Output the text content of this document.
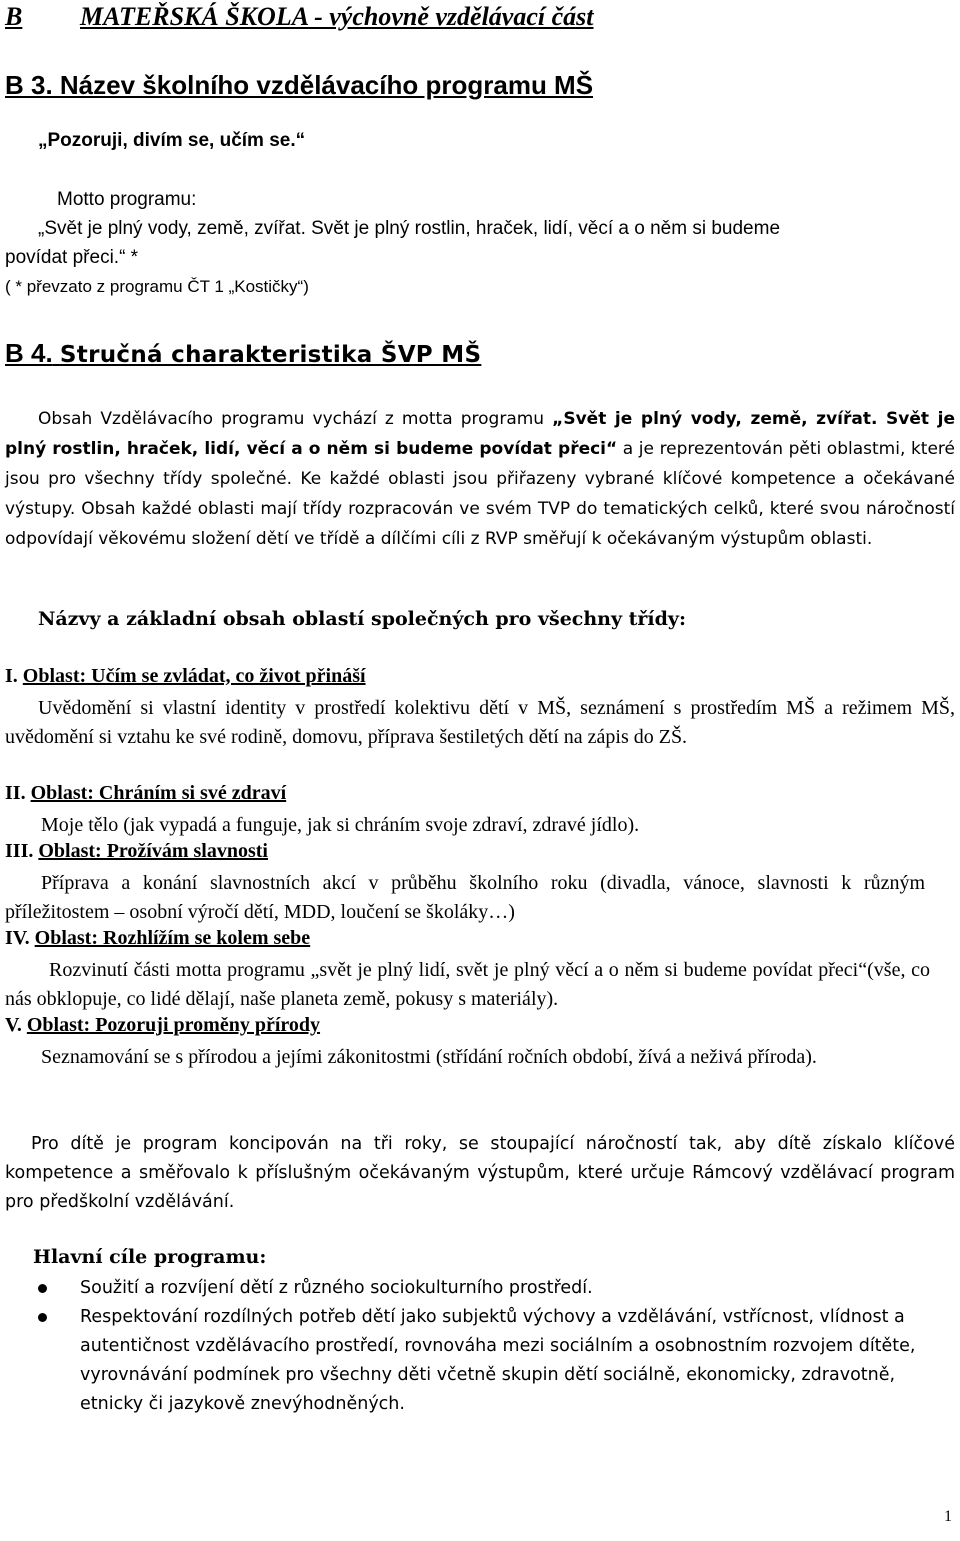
B MATEŘSKÁ ŠKOLA - výchovně vzdělávací část
B 3. Název školního vzdělávacího programu MŠ
„Pozoruji, divím se, učím se.“
Motto programu:
„Svět je plný vody, země, zvířat. Svět je plný rostlin, hraček, lidí, věcí a o něm si budeme
povídat přeci.“ *
( * převzato z programu ČT 1 „Kostičky“)
B 4. Stručná charakteristika ŠVP MŠ
Obsah Vzdělávacího programu vychází z motta programu „Svět je plný vody, země, zvířat. Svět je plný rostlin, hraček, lidí, věcí a o něm si budeme povídat přeci“ a je reprezentován pěti oblastmi, které jsou pro všechny třídy společné. Ke každé oblasti jsou přiřazeny vybrané klíčové kompetence a očekávané výstupy. Obsah každé oblasti mají třídy rozpracován ve svém TVP do tematických celků, které svou náročností odpovídají věkovému složení dětí ve třídě a dílčími cíli z RVP směřují k očekávaným výstupům oblasti.
Názvy a základní obsah oblastí společných pro všechny třídy:
I. Oblast: Učím se zvládat, co život přináší
Uvědomění si vlastní identity v prostředí kolektivu dětí v MŠ, seznámení s prostředím MŠ a režimem MŠ, uvědomění si vztahu ke své rodině, domovu, příprava šestiletých dětí na zápis do ZŠ.
II. Oblast: Chráním si své zdraví
Moje tělo (jak vypadá a funguje, jak si chráním svoje zdraví, zdravé jídlo).
III. Oblast: Prožívám slavnosti
Příprava a konání slavnostních akcí v průběhu školního roku (divadla, vánoce, slavnosti k různým příležitostem – osobní výročí dětí, MDD, loučení se školáky…)
IV. Oblast: Rozhlížím se kolem sebe
Rozvinutí části motta programu „svět je plný lidí, svět je plný věcí a o něm si budeme povídat přeci“(vše, co nás obklopuje, co lidé dělají, naše planeta země, pokusy s materiály).
V. Oblast: Pozoruji proměny přírody
Seznamování se s přírodou a jejími zákonitostmi (střídání ročních období, žívá a neživá příroda).
Pro dítě je program koncipován na tři roky, se stoupající náročností tak, aby dítě získalo klíčové kompetence a směřovalo k příslušným očekávaným výstupům, které určuje Rámcový vzdělávací program pro předškolní vzdělávání.
Hlavní cíle programu:
Soužití a rozvíjení dětí z různého sociokulturního prostředí.
Respektování rozdílných potřeb dětí jako subjektů výchovy a vzdělávání, vstřícnost, vlídnost a autentičnost vzdělávacího prostředí, rovnováha mezi sociálním a osobnostním rozvojem dítěte, vyrovnávání podmínek pro všechny děti včetně skupin dětí sociálně, ekonomicky, zdravotně, etnicky či jazykově znevýhodněných.
1
